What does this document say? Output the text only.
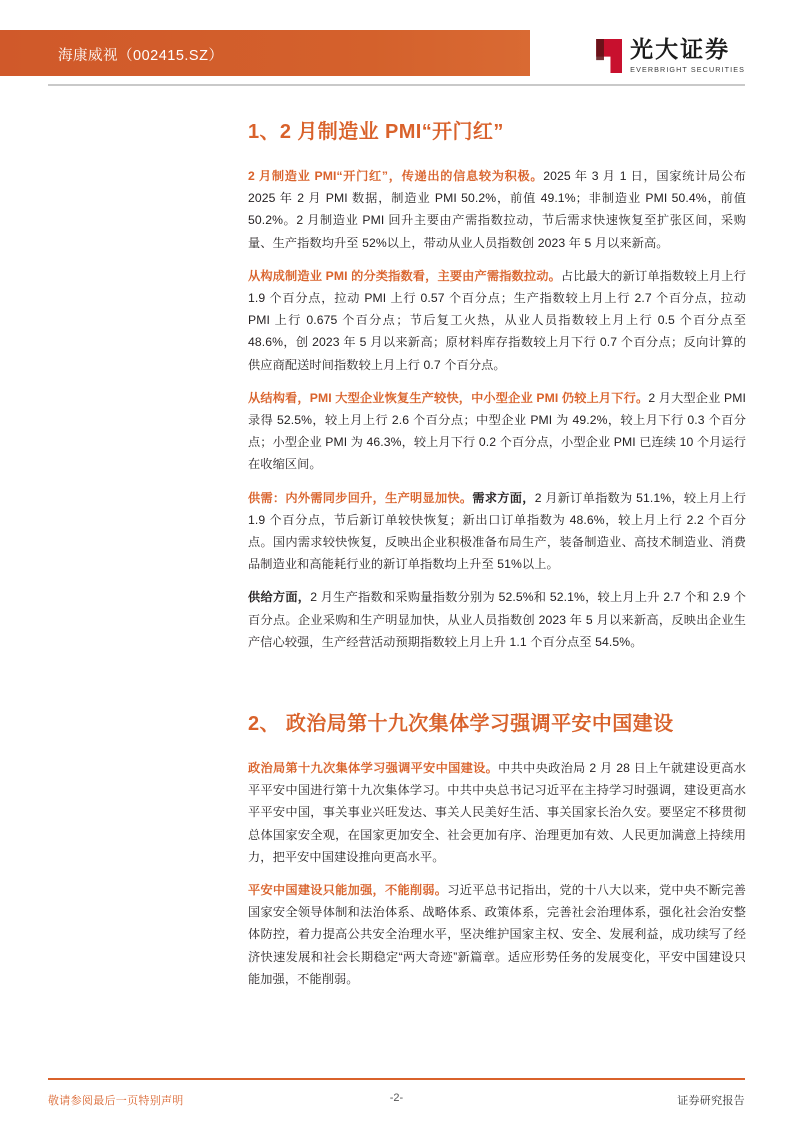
海康威视（002415.SZ）	光大证券
EVERBRIGHT SECURITIES
1、2 月制造业 PMI“开门红”

2 月制造业 PMI“开门红”，传递出的信息较为积极。2025 年 3 月 1 日，国家统计局公布 2025 年 2 月 PMI 数据，制造业 PMI 50.2%，前值 49.1%；非制造业 PMI 50.4%，前值 50.2%。2 月制造业 PMI 回升主要由产需指数拉动，节后需求快速恢复至扩张区间，采购量、生产指数均升至 52%以上，带动从业人员指数创 2023 年 5 月以来新高。

从构成制造业 PMI 的分类指数看，主要由产需指数拉动。占比最大的新订单指数较上月上行 1.9 个百分点，拉动 PMI 上行 0.57 个百分点；生产指数较上月上行 2.7 个百分点，拉动 PMI 上行 0.675 个百分点；节后复工火热，从业人员指数较上月上行 0.5 个百分点至 48.6%，创 2023 年 5 月以来新高；原材料库存指数较上月下行 0.7 个百分点；反向计算的供应商配送时间指数较上月上行 0.7 个百分点。

从结构看，PMI 大型企业恢复生产较快，中小型企业 PMI 仍较上月下行。2 月大型企业 PMI 录得 52.5%，较上月上行 2.6 个百分点；中型企业 PMI 为 49.2%，较上月下行 0.3 个百分点；小型企业 PMI 为 46.3%，较上月下行 0.2 个百分点，小型企业 PMI 已连续 10 个月运行在收缩区间。

供需：内外需同步回升，生产明显加快。需求方面，2 月新订单指数为 51.1%，较上月上行 1.9 个百分点，节后新订单较快恢复；新出口订单指数为 48.6%，较上月上行 2.2 个百分点。国内需求较快恢复，反映出企业积极准备布局生产，装备制造业、高技术制造业、消费品制造业和高能耗行业的新订单指数均上升至 51%以上。

供给方面，2 月生产指数和采购量指数分别为 52.5%和 52.1%，较上月上升 2.7 个和 2.9 个百分点。企业采购和生产明显加快，从业人员指数创 2023 年 5 月以来新高，反映出企业生产信心较强，生产经营活动预期指数较上月上升 1.1 个百分点至 54.5%。

2、 政治局第十九次集体学习强调平安中国建设

政治局第十九次集体学习强调平安中国建设。中共中央政治局 2 月 28 日上午就建设更高水平平安中国进行第十九次集体学习。中共中央总书记习近平在主持学习时强调，建设更高水平平安中国，事关事业兴旺发达、事关人民美好生活、事关国家长治久安。要坚定不移贯彻总体国家安全观，在国家更加安全、社会更加有序、治理更加有效、人民更加满意上持续用力，把平安中国建设推向更高水平。

平安中国建设只能加强，不能削弱。习近平总书记指出，党的十八大以来，党中央不断完善国家安全领导体制和法治体系、战略体系、政策体系，完善社会治理体系，强化社会治安整体防控，着力提高公共安全治理水平，坚决维护国家主权、安全、发展利益，成功续写了经济快速发展和社会长期稳定“两大奇迹”新篇章。适应形势任务的发展变化，平安中国建设只能加强，不能削弱。

敬请参阅最后一页特别声明	-2-	证券研究报告
